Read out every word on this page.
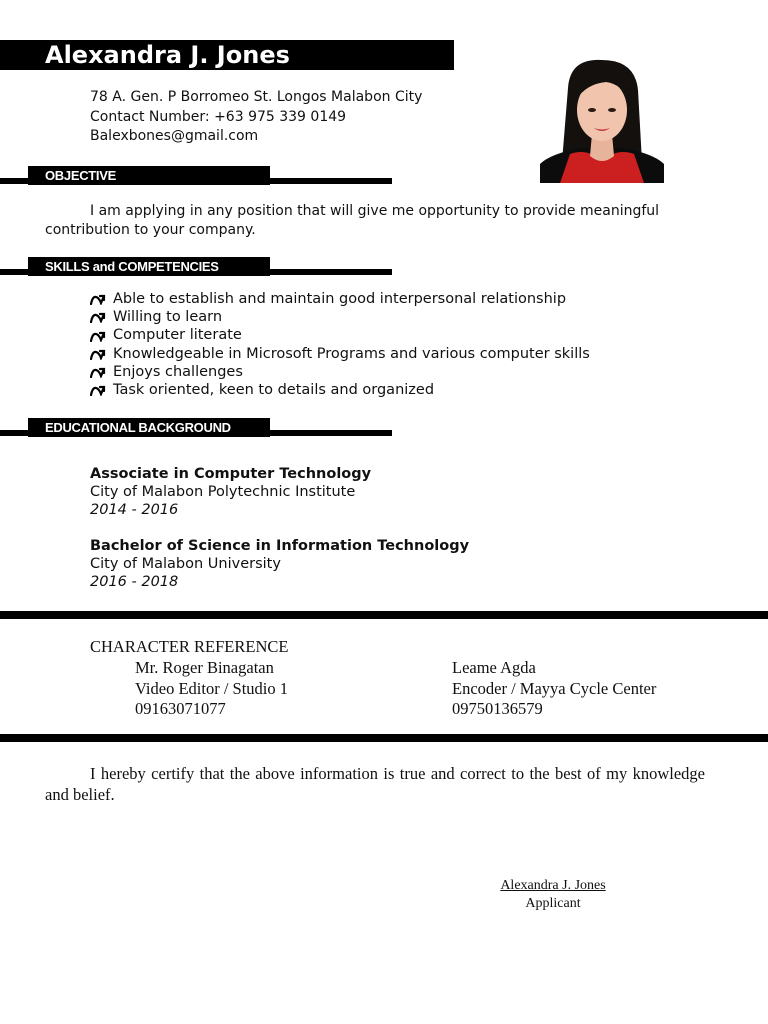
Alexandra J. Jones
78 A. Gen. P Borromeo St. Longos Malabon City
Contact Number: +63 975 339 0149
Balexbones@gmail.com
OBJECTIVE
I am applying in any position that will give me opportunity to provide meaningful contribution to your company.
SKILLS and COMPETENCIES
Able to establish and maintain good interpersonal relationship
Willing to learn
Computer literate
Knowledgeable in Microsoft Programs and various computer skills
Enjoys challenges
Task oriented, keen to details and organized
EDUCATIONAL BACKGROUND
Associate in Computer Technology
City of Malabon Polytechnic Institute
2014 - 2016
Bachelor of Science in Information Technology
City of Malabon University
2016 - 2018
CHARACTER REFERENCE
Mr. Roger Binagatan
Video Editor / Studio 1
09163071077
Leame Agda
Encoder / Mayya Cycle Center
09750136579
I hereby certify that the above information is true and correct to the best of my knowledge and belief.
Alexandra J. Jones
Applicant
